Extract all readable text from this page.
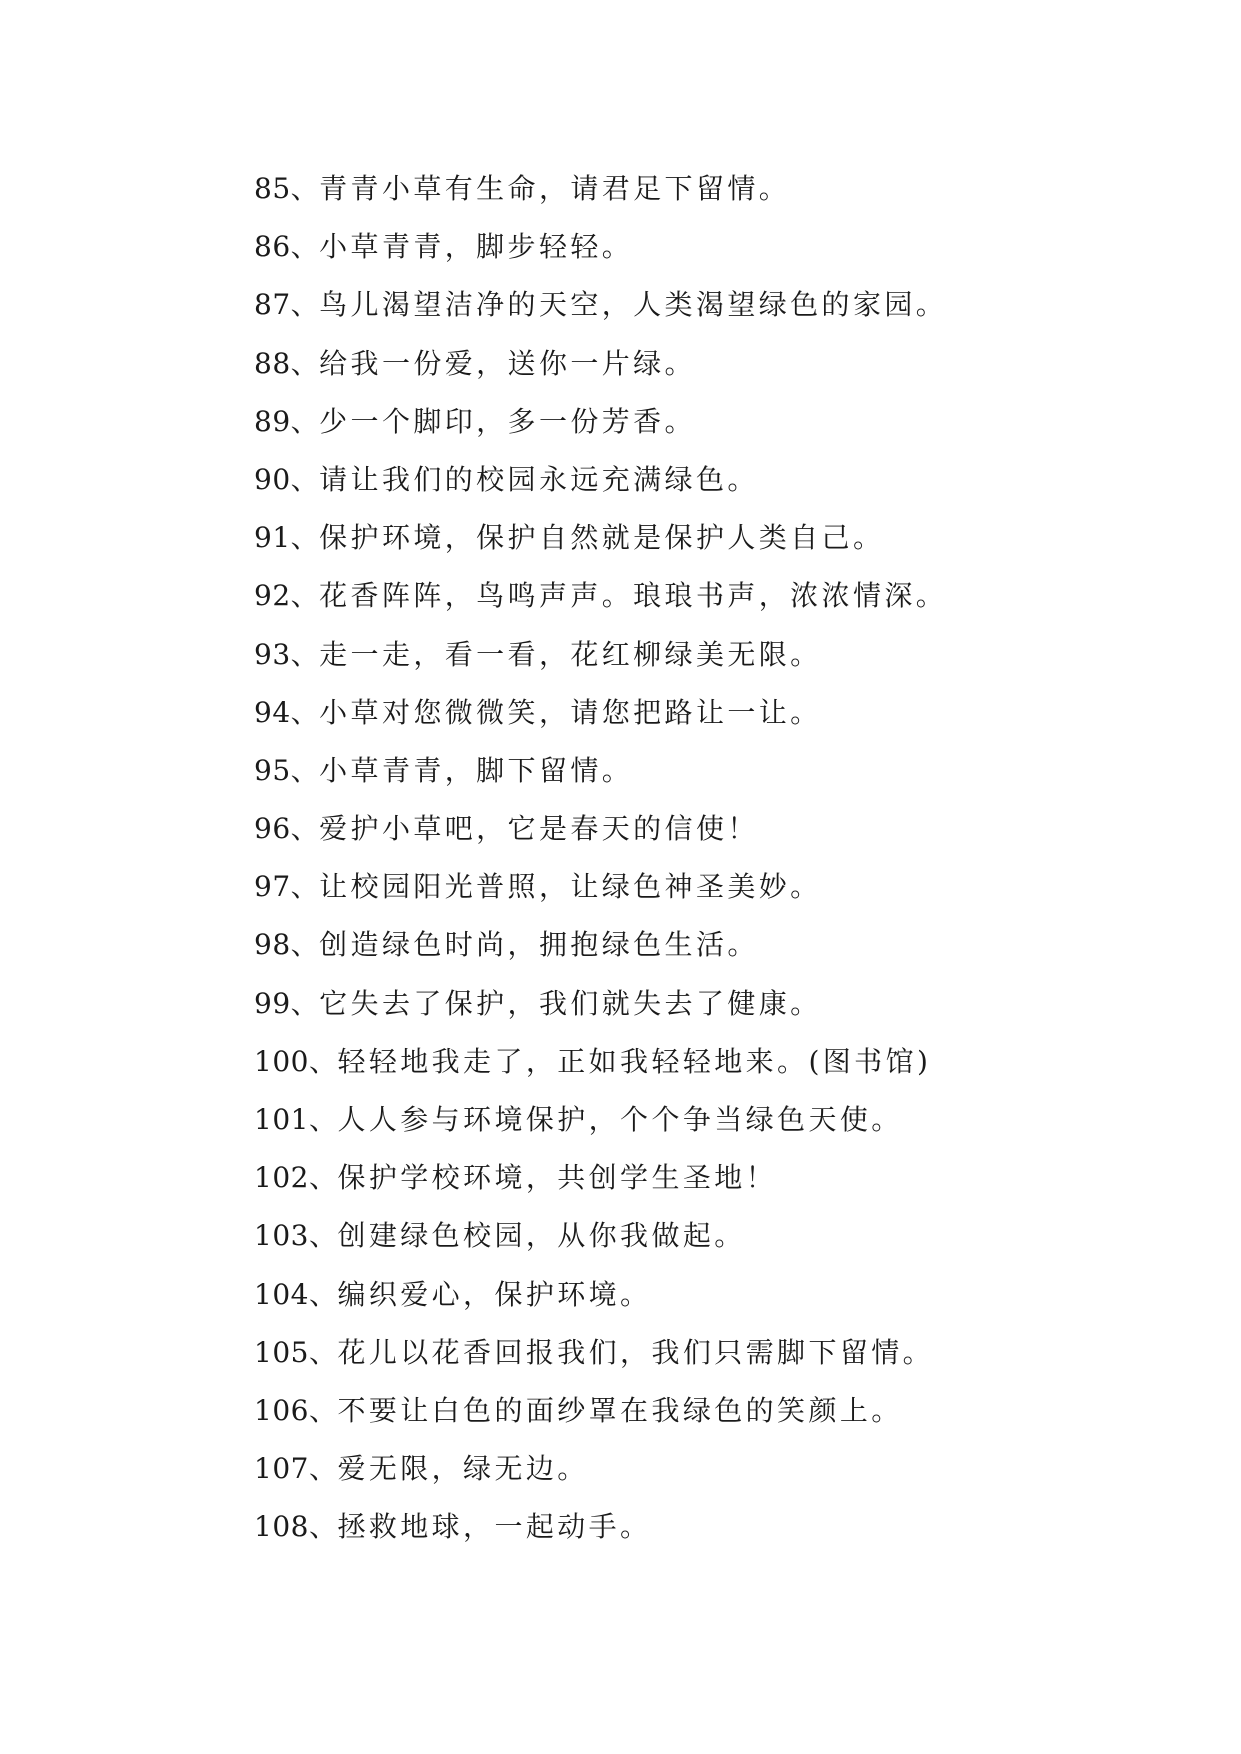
85、青青小草有生命，请君足下留情。
86、小草青青，脚步轻轻。
87、鸟儿渴望洁净的天空，人类渴望绿色的家园。
88、给我一份爱，送你一片绿。
89、少一个脚印，多一份芳香。
90、请让我们的校园永远充满绿色。
91、保护环境，保护自然就是保护人类自己。
92、花香阵阵，鸟鸣声声。琅琅书声，浓浓情深。
93、走一走，看一看，花红柳绿美无限。
94、小草对您微微笑，请您把路让一让。
95、小草青青，脚下留情。
96、爱护小草吧，它是春天的信使！
97、让校园阳光普照，让绿色神圣美妙。
98、创造绿色时尚，拥抱绿色生活。
99、它失去了保护，我们就失去了健康。
100、轻轻地我走了，正如我轻轻地来。(图书馆)
101、人人参与环境保护，个个争当绿色天使。
102、保护学校环境，共创学生圣地！
103、创建绿色校园，从你我做起。
104、编织爱心，保护环境。
105、花儿以花香回报我们，我们只需脚下留情。
106、不要让白色的面纱罩在我绿色的笑颜上。
107、爱无限，绿无边。
108、拯救地球，一起动手。
